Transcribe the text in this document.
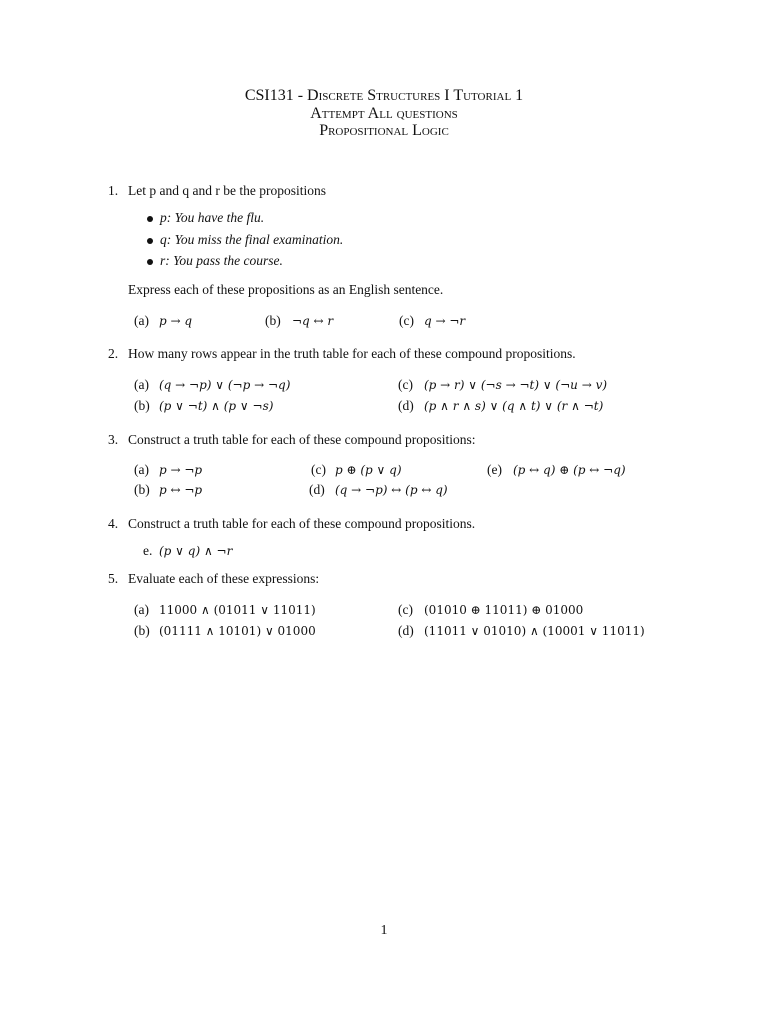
CSI131 - Discrete Structures I Tutorial 1
Attempt All questions
Propositional Logic
1. Let p and q and r be the propositions
p: You have the flu.
q: You miss the final examination.
r: You pass the course.
Express each of these propositions as an English sentence.
(a) p → q	(b) ¬q ↔ r	(c) q → ¬r
2. How many rows appear in the truth table for each of these compound propositions.
(a) (q → ¬p) ∨ (¬p → ¬q)
(b) (p ∨ ¬t) ∧ (p ∨ ¬s)
(c) (p → r) ∨ (¬s → ¬t) ∨ (¬u → v)
(d) (p ∧ r ∧ s) ∨ (q ∧ t) ∨ (r ∧ ¬t)
3. Construct a truth table for each of these compound propositions:
(a) p → ¬p
(b) p ↔ ¬p
(c) p ⊕ (p ∨ q)
(d) (q → ¬p) ↔ (p ↔ q)
(e) (p ↔ q) ⊕ (p ↔ ¬q)
4. Construct a truth table for each of these compound propositions.
e. (p ∨ q) ∧ ¬r
5. Evaluate each of these expressions:
(a) 11000 ∧ (01011 ∨ 11011)
(b) (01111 ∧ 10101) ∨ 01000
(c) (01010 ⊕ 11011) ⊕ 01000
(d) (11011 ∨ 01010) ∧ (10001 ∨ 11011)
1
